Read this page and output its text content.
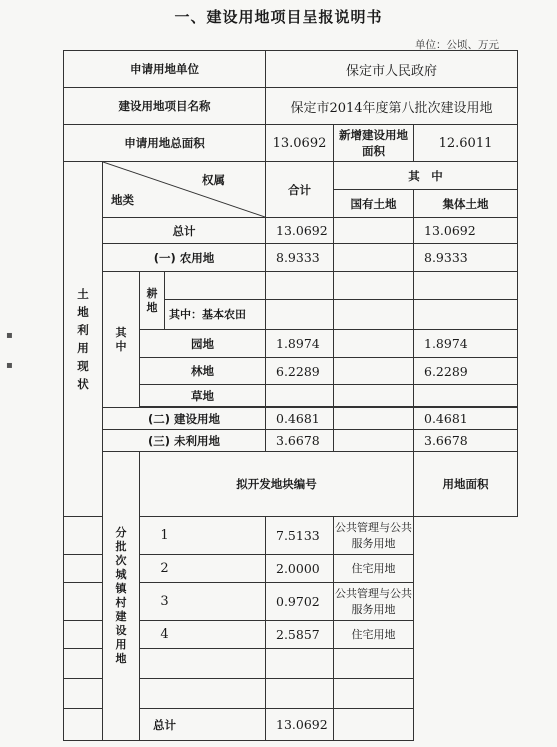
一、建设用地项目呈报说明书
单位：公顷、万元
▪
▪
申请用地单位				保定市人民政府			
建设用地项目名称				保定市2014年度第八批次建设用地			
申请用地总面积				13.0692	新增建设用地面积	12.6011	

土地利用现状	权属
地类			合计	其　中		
					国有土地	集体土地	
	总计			13.0692		13.0692	
	(一) 农用地			8.9333		8.9333	

	其中	耕地					

			其中：基本农田				
		园地		1.8974		1.8974	
		林地		6.2289		6.2289	
		草地					

	(二) 建设用地			0.4681		0.4681	
	(三) 未利用地			3.6678		3.6678	

	分批次城镇村建设用地	拟开发地块编号				用地面积	
1				7.5133	公共管理与公共服务用地		
2				2.0000	住宅用地		
3				0.9702	公共管理与公共服务用地		
4				2.5857	住宅用地		

总计				13.0692			
